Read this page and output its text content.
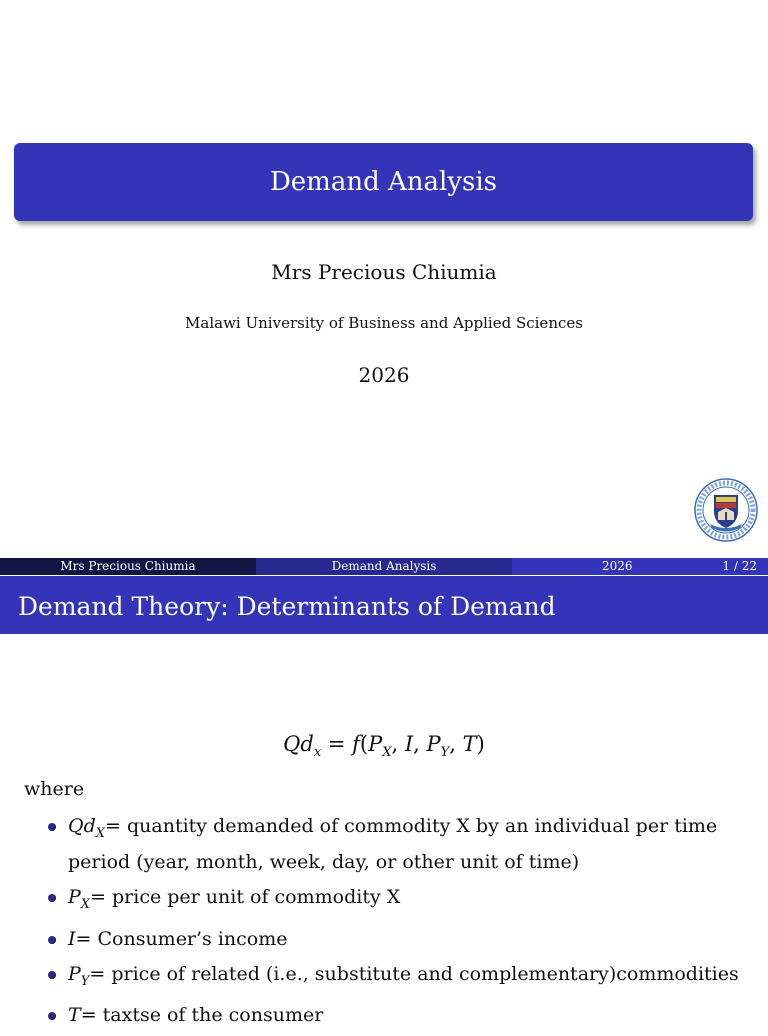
Demand Analysis
Mrs Precious Chiumia
Malawi University of Business and Applied Sciences
2026
Mrs Precious Chiumia	Demand Analysis	2026	1 / 22
Demand Theory: Determinants of Demand
$Qd_x = f(P_X$, I, $P_Y$, T)
where
$Qd_X=$ quantity demanded of commodity X by an individual per time period (year, month, week, day, or other unit of time)
$P_X=$ price per unit of commodity X
I= Consumer’s income
$P_Y=$ price of related (i.e., substitute and complementary)commodities
T= taxtse of the consumer
